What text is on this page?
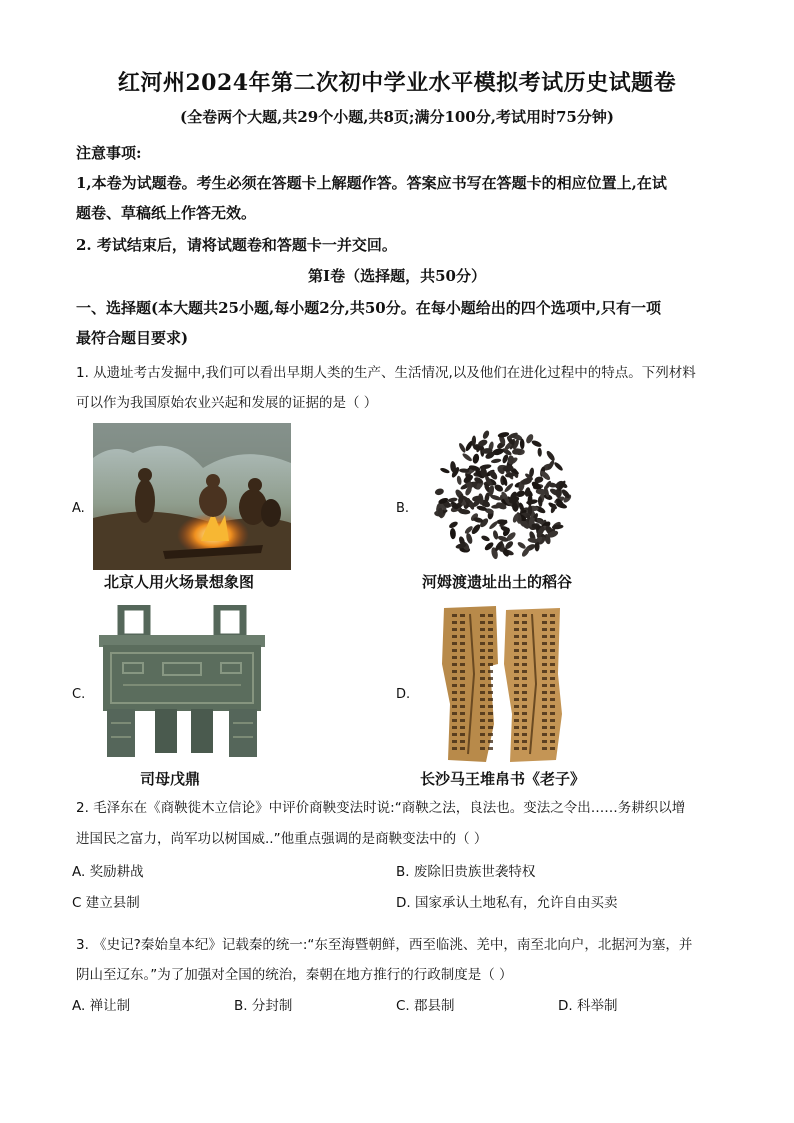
红河州2024年第二次初中学业水平模拟考试历史试题卷
(全卷两个大题,共29个小题,共8页;满分100分,考试用时75分钟)
注意事项:
1,本卷为试题卷。考生必须在答题卡上解题作答。答案应书写在答题卡的相应位置上,在试
题卷、草稿纸上作答无效。
2. 考试结束后，请将试题卷和答题卡一并交回。
第Ⅰ卷（选择题，共50分）
一、选择题(本大题共25小题,每小题2分,共50分。在每小题给出的四个选项中,只有一项
最符合题目要求)
1. 从遗址考古发掘中,我们可以看出早期人类的生产、生活情况,以及他们在进化过程中的特点。下列材料
可以作为我国原始农业兴起和发展的证据的是（ ）
A.
北京人用火场景想象图
B.
河姆渡遗址出土的稻谷
C.
司母戊鼎
D.
长沙马王堆帛书《老子》
2. 毛泽东在《商鞅徙木立信论》中评价商鞅变法时说:“商鞅之法，良法也。变法之令出……务耕织以增
进国民之富力，尚军功以树国威..”他重点强调的是商鞅变法中的（ ）
A. 奖励耕战	B. 废除旧贵族世袭特权
C 建立县制	D. 国家承认土地私有，允许自由买卖
3. 《史记?秦始皇本纪》记载秦的统一:“东至海暨朝鲜，西至临洮、羌中，南至北向户，北据河为塞，并
阴山至辽东。”为了加强对全国的统治，秦朝在地方推行的行政制度是（ ）
A. 禅让制	B. 分封制	C. 郡县制	D. 科举制
